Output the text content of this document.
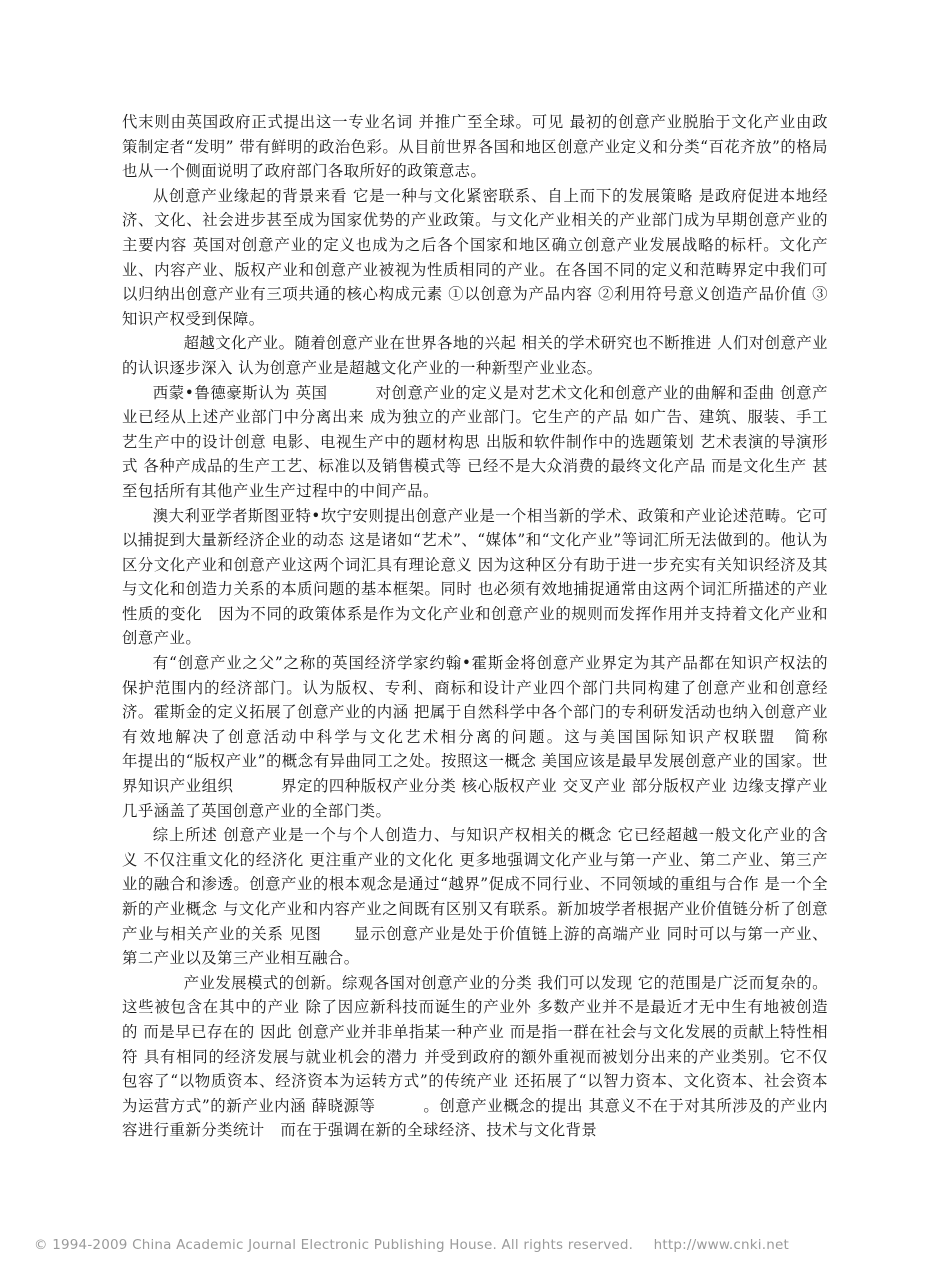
代末则由英国政府正式提出这一专业名词 并推广至全球。可见 最初的创意产业脱胎于文化产业由政策制定者“发明” 带有鲜明的政治色彩。从目前世界各国和地区创意产业定义和分类“百花齐放”的格局也从一个侧面说明了政府部门各取所好的政策意志。

从创意产业缘起的背景来看 它是一种与文化紧密联系、自上而下的发展策略 是政府促进本地经济、文化、社会进步甚至成为国家优势的产业政策。与文化产业相关的产业部门成为早期创意产业的主要内容 英国对创意产业的定义也成为之后各个国家和地区确立创意产业发展战略的标杆。文化产业、内容产业、版权产业和创意产业被视为性质相同的产业。在各国不同的定义和范畴界定中我们可以归纳出创意产业有三项共通的核心构成元素 ①以创意为产品内容 ②利用符号意义创造产品价值 ③知识产权受到保障。

超越文化产业。随着创意产业在世界各地的兴起 相关的学术研究也不断推进 人们对创意产业的认识逐步深入 认为创意产业是超越文化产业的一种新型产业业态。

西蒙•鲁德豪斯认为 英国　　　对创意产业的定义是对艺术文化和创意产业的曲解和歪曲 创意产业已经从上述产业部门中分离出来 成为独立的产业部门。它生产的产品 如广告、建筑、服装、手工艺生产中的设计创意 电影、电视生产中的题材构思 出版和软件制作中的选题策划 艺术表演的导演形式 各种产成品的生产工艺、标准以及销售模式等 已经不是大众消费的最终文化产品 而是文化生产 甚至包括所有其他产业生产过程中的中间产品。

澳大利亚学者斯图亚特•坎宁安则提出创意产业是一个相当新的学术、政策和产业论述范畴。它可以捕捉到大量新经济企业的动态 这是诸如“艺术”、“媒体”和“文化产业”等词汇所无法做到的。他认为区分文化产业和创意产业这两个词汇具有理论意义 因为这种区分有助于进一步充实有关知识经济及其与文化和创造力关系的本质问题的基本框架。同时 也必须有效地捕捉通常由这两个词汇所描述的产业性质的变化　因为不同的政策体系是作为文化产业和创意产业的规则而发挥作用并支持着文化产业和创意产业。

有“创意产业之父”之称的英国经济学家约翰•霍斯金将创意产业界定为其产品都在知识产权法的保护范围内的经济部门。认为版权、专利、商标和设计产业四个部门共同构建了创意产业和创意经济。霍斯金的定义拓展了创意产业的内涵 把属于自然科学中各个部门的专利研发活动也纳入创意产业　有效地解决了创意活动中科学与文化艺术相分离的问题。这与美国国际知识产权联盟　简称　　　　年提出的“版权产业”的概念有异曲同工之处。按照这一概念 美国应该是最早发展创意产业的国家。世界知识产业组织　　　界定的四种版权产业分类 核心版权产业 交叉产业 部分版权产业 边缘支撑产业 几乎涵盖了英国创意产业的全部门类。

综上所述 创意产业是一个与个人创造力、与知识产权相关的概念 它已经超越一般文化产业的含义 不仅注重文化的经济化 更注重产业的文化化 更多地强调文化产业与第一产业、第二产业、第三产业的融合和渗透。创意产业的根本观念是通过“越界”促成不同行业、不同领域的重组与合作 是一个全新的产业概念 与文化产业和内容产业之间既有区别又有联系。新加坡学者根据产业价值链分析了创意产业与相关产业的关系 见图　　显示创意产业是处于价值链上游的高端产业 同时可以与第一产业、第二产业以及第三产业相互融合。

产业发展模式的创新。综观各国对创意产业的分类 我们可以发现 它的范围是广泛而复杂的。这些被包含在其中的产业 除了因应新科技而诞生的产业外 多数产业并不是最近才无中生有地被创造的 而是早已存在的 因此 创意产业并非单指某一种产业 而是指一群在社会与文化发展的贡献上特性相符 具有相同的经济发展与就业机会的潜力 并受到政府的额外重视而被划分出来的产业类别。它不仅包容了“以物质资本、经济资本为运转方式”的传统产业 还拓展了“以智力资本、文化资本、社会资本为运营方式”的新产业内涵 薛晓源等　　　。创意产业概念的提出 其意义不在于对其所涉及的产业内容进行重新分类统计　而在于强调在新的全球经济、技术与文化背景

© 1994-2009 China Academic Journal Electronic Publishing House. All rights reserved. http://www.cnki.net
